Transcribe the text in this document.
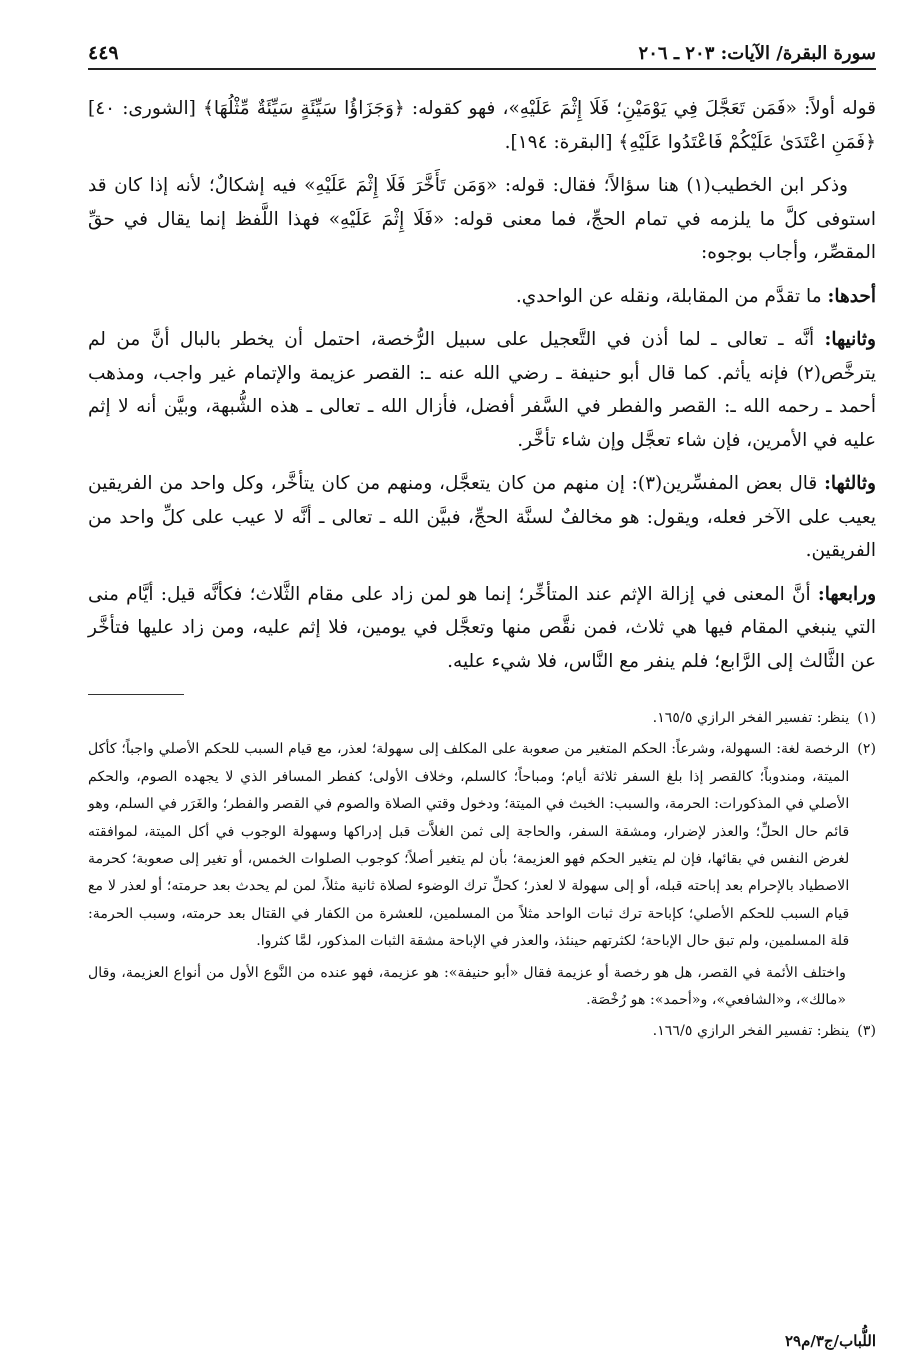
سورة البقرة/ الآيات: ٢٠٣ ـ ٢٠٦
٤٤٩

قوله أولاً: «فَمَن تَعَجَّلَ فِي يَوْمَيْنِ؛ فَلَا إِثْمَ عَلَيْهِ»، فهو كقوله: ﴿وَجَزَاؤُا سَيِّئَةٍ سَيِّئَةٌ مِّثْلُهَا﴾ [الشورى: ٤٠] ﴿فَمَنِ اعْتَدَىٰ عَلَيْكُمْ فَاعْتَدُوا عَلَيْهِ﴾ [البقرة: ١٩٤].

وذكر ابن الخطيب(١) هنا سؤالاً؛ فقال: قوله: «وَمَن تَأَخَّرَ فَلَا إِثْمَ عَلَيْهِ» فيه إشكالٌ؛ لأنه إذا كان قد استوفى كلَّ ما يلزمه في تمام الحجِّ، فما معنى قوله: «فَلَا إِثْمَ عَلَيْهِ» فهذا اللَّفظ إنما يقال في حقِّ المقصِّر، وأجاب بوجوه:

أحدها: ما تقدَّم من المقابلة، ونقله عن الواحدي.

وثانيها: أنَّه ـ تعالى ـ لما أذن في التَّعجيل على سبيل الرُّخصة، احتمل أن يخطر بالبال أنَّ من لم يترخَّص(٢) فإنه يأثم. كما قال أبو حنيفة ـ رضي الله عنه ـ: القصر عزيمة والإتمام غير واجب، ومذهب أحمد ـ رحمه الله ـ: القصر والفطر في السَّفر أفضل، فأزال الله ـ تعالى ـ هذه الشُّبهة، وبيَّن أنه لا إثم عليه في الأمرين، فإن شاء تعجَّل وإن شاء تأخَّر.

وثالثها: قال بعض المفسِّرين(٣): إن منهم من كان يتعجَّل، ومنهم من كان يتأخَّر، وكل واحد من الفريقين يعيب على الآخر فعله، ويقول: هو مخالفٌ لسنَّة الحجِّ، فبيَّن الله ـ تعالى ـ أنَّه لا عيب على كلِّ واحد من الفريقين.

ورابعها: أنَّ المعنى في إزالة الإثم عند المتأخِّر؛ إنما هو لمن زاد على مقام الثَّلاث؛ فكأنَّه قيل: أيَّام منى التي ينبغي المقام فيها هي ثلاث، فمن نقَّص منها وتعجَّل في يومين، فلا إثم عليه، ومن زاد عليها فتأخَّر عن الثَّالث إلى الرَّابع؛ فلم ينفر مع النَّاس، فلا شيء عليه.

(١)
ينظر: تفسير الفخر الرازي ١٦٥/٥.
(٢)
الرخصة لغة: السهولة، وشرعاً: الحكم المتغير من صعوبة على المكلف إلى سهولة؛ لعذر، مع قيام السبب للحكم الأصلي واجباً؛ كأكل الميتة، ومندوباً؛ كالقصر إذا بلغ السفر ثلاثة أيام؛ ومباحاً؛ كالسلم، وخلاف الأولى؛ كفطر المسافر الذي لا يجهده الصوم، والحكم الأصلي في المذكورات: الحرمة، والسبب: الخبث في الميتة؛ ودخول وقتي الصلاة والصوم في القصر والفطر؛ والغَرَر في السلم، وهو قائم حال الحلِّ؛ والعذر لإضرار، ومشقة السفر، والحاجة إلى ثمن الغلاَّت قبل إدراكها وسهولة الوجوب في أكل الميتة، لموافقته لغرض النفس في بقائها، فإن لم يتغير الحكم فهو العزيمة؛ بأن لم يتغير أصلاً؛ كوجوب الصلوات الخمس، أو تغير إلى صعوبة؛ كحرمة الاصطياد بالإحرام بعد إباحته قبله، أو إلى سهولة لا لعذر؛ كحلِّ ترك الوضوء لصلاة ثانية مثلاً، لمن لم يحدث بعد حرمته؛ أو لعذر لا مع قيام السبب للحكم الأصلي؛ كإباحة ترك ثبات الواحد مثلاً من المسلمين، للعشرة من الكفار في القتال بعد حرمته، وسبب الحرمة: قلة المسلمين، ولم تبق حال الإباحة؛ لكثرتهم حينئذ، والعذر في الإباحة مشقة الثبات المذكور، لمَّا كثروا.
واختلف الأئمة في القصر، هل هو رخصة أو عزيمة فقال «أبو حنيفة»: هو عزيمة، فهو عنده من النَّوع الأول من أنواع العزيمة، وقال «مالك»، و«الشافعي»، و«أحمد»: هو رُخْصَة.
(٣)
ينظر: تفسير الفخر الرازي ١٦٦/٥.
اللُّباب/ج٣/م٢٩
